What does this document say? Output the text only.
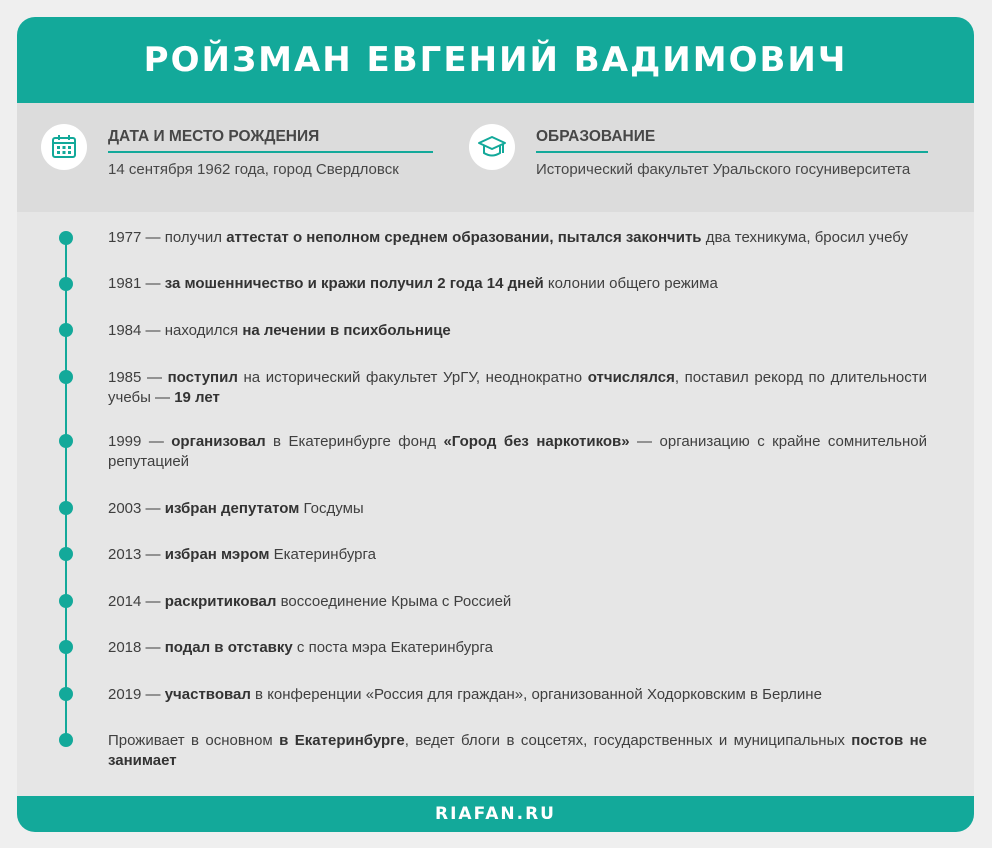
РОЙЗМАН ЕВГЕНИЙ ВАДИМОВИЧ
ДАТА И МЕСТО РОЖДЕНИЯ
14 сентября 1962 года, город Свердловск
ОБРАЗОВАНИЕ
Исторический факультет Уральского госуниверситета
1977 — получил аттестат о неполном среднем образовании, пытался закончить два техникума, бросил учебу
1981 — за мошенничество и кражи получил 2 года 14 дней колонии общего режима
1984 — находился на лечении в психбольнице
1985 — поступил на исторический факультет УрГУ, неоднократно отчислялся, поставил рекорд по длительности учебы — 19 лет
1999 — организовал в Екатеринбурге фонд «Город без наркотиков» — организацию с крайне сомнительной репутацией
2003 — избран депутатом Госдумы
2013 — избран мэром Екатеринбурга
2014 — раскритиковал воссоединение Крыма с Россией
2018 — подал в отставку с поста мэра Екатеринбурга
2019 — участвовал в конференции «Россия для граждан», организованной Ходорковским в Берлине
Проживает в основном в Екатеринбурге, ведет блоги в соцсетях, государственных и муниципальных постов не занимает
RIAFAN.RU
